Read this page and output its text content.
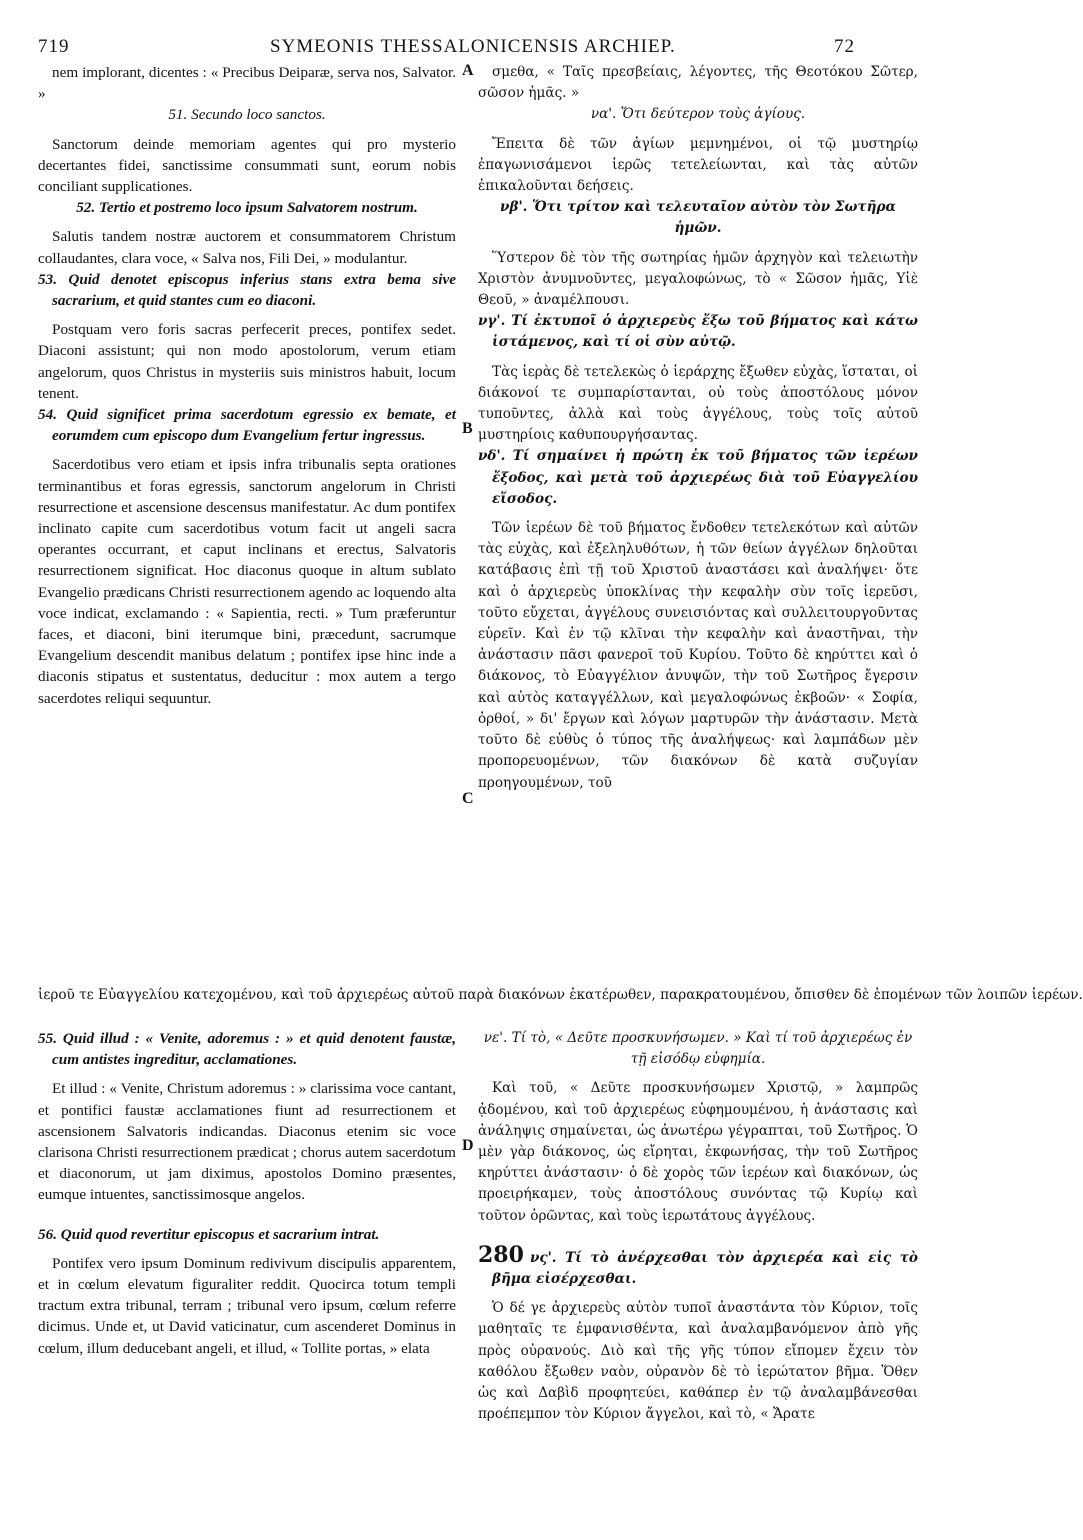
719	SYMEONIS THESSALONICENSIS ARCHIEP.	72
nem implorant, dicentes : « Precibus Deiparæ, serva nos, Salvator. »
51. Secundo loco sanctos.
Sanctorum deinde memoriam agentes qui pro mysterio decertantes fidei, sanctissime consummati sunt, eorum nobis conciliant supplicationes.
52. Tertio et postremo loco ipsum Salvatorem nostrum.
Salutis tandem nostræ auctorem et consummatorem Christum collaudantes, clara voce, « Salva nos, Fili Dei, » modulantur.
53. Quid denotet episcopus inferius stans extra bema sive sacrarium, et quid stantes cum eo diaconi.
Postquam vero foris sacras perfecerit preces, pontifex sedet. Diaconi assistunt; qui non modo apostolorum, verum etiam angelorum, quos Christus in mysteriis suis ministros habuit, locum tenent.
54. Quid significet prima sacerdotum egressio ex bemate, et eorumdem cum episcopo dum Evangelium fertur ingressus.
Sacerdotibus vero etiam et ipsis infra tribunalis septa orationes terminantibus et foras egressis, sanctorum angelorum in Christi resurrectione et ascensione descensus manifestatur. Ac dum pontifex inclinato capite cum sacerdotibus votum facit ut angeli sacra operantes occurrant, et caput inclinans et erectus, Salvatoris resurrectionem significat. Hoc diaconus quoque in altum sublato Evangelio prædicans Christi resurrectionem agendo ac loquendo alta voce indicat, exclamando : « Sapientia, recti. » Tum præferuntur faces, et diaconi, bini iterumque bini, præcedunt, sacrumque Evangelium descendit manibus delatum ; pontifex ipse hinc inde a diaconis stipatus et sustentatus, deducitur : mox autem a tergo sacerdotes reliqui sequuntur.
σμεθα, « Ταῖς πρεσβείαις, λέγοντες, τῆς Θεοτόκου Σῶτερ, σῶσον ἡμᾶς. »
να'. Ὅτι δεύτερον τοὺς ἁγίους.
Ἔπειτα δὲ τῶν ἁγίων μεμνημένοι, οἱ τῷ μυστηρίῳ ἐπαγωνισάμενοι ἱερῶς τετελείωνται, καὶ τὰς αὐτῶν ἐπικαλοῦνται δεήσεις.
νβ'. Ὅτι τρίτον καὶ τελευταῖον αὐτὸν τὸν Σωτῆρα ἡμῶν.
Ὕστερον δὲ τὸν τῆς σωτηρίας ἡμῶν ἀρχηγὸν καὶ τελειωτὴν Χριστὸν ἀνυμνοῦντες, μεγαλοφώνως, τὸ « Σῶσον ἡμᾶς, Υἱὲ Θεοῦ, » ἀναμέλπουσι.
νγ'. Τί ἐκτυποῖ ὁ ἀρχιερεὺς ἔξω τοῦ βήματος καὶ κάτω ἱστάμενος, καὶ τί οἱ σὺν αὐτῷ.
Τὰς ἱερὰς δὲ τετελεκὼς ὁ ἱεράρχης ἔξωθεν εὐχὰς, ἵσταται, οἱ διάκονοί τε συμπαρίστανται, οὐ τοὺς ἀποστόλους μόνον τυποῦντες, ἀλλὰ καὶ τοὺς ἀγγέλους, τοὺς τοῖς αὐτοῦ μυστηρίοις καθυπουργήσαντας.
νδ'. Τί σημαίνει ἡ πρώτη ἐκ τοῦ βήματος τῶν ἱερέων ἔξοδος, καὶ μετὰ τοῦ ἀρχιερέως διὰ τοῦ Εὐαγγελίου εἴσοδος.
Τῶν ἱερέων δὲ τοῦ βήματος ἔνδοθεν τετελεκότων καὶ αὐτῶν τὰς εὐχὰς, καὶ ἐξεληλυθότων, ἡ τῶν θείων ἀγγέλων δηλοῦται κατάβασις ἐπὶ τῇ τοῦ Χριστοῦ ἀναστάσει καὶ ἀναλήψει· ὅτε καὶ ὁ ἀρχιερεὺς ὑποκλίνας τὴν κεφαλὴν σὺν τοῖς ἱερεῦσι, τοῦτο εὔχεται, ἀγγέλους συνεισιόντας καὶ συλλειτουργοῦντας εὑρεῖν. Καὶ ἐν τῷ κλῖναι τὴν κεφαλὴν καὶ ἀναστῆναι, τὴν ἀνάστασιν πᾶσι φανεροῖ τοῦ Κυρίου. Τοῦτο δὲ κηρύττει καὶ ὁ διάκονος, τὸ Εὐαγγέλιον ἀνυψῶν, τὴν τοῦ Σωτῆρος ἔγερσιν καὶ αὐτὸς καταγγέλλων, καὶ μεγαλοφώνως ἐκβοῶν· « Σοφία, ὀρθοί, » δι' ἔργων καὶ λόγων μαρτυρῶν τὴν ἀνάστασιν. Μετὰ τοῦτο δὲ εὐθὺς ὁ τύπος τῆς ἀναλήψεως· καὶ λαμπάδων μὲν προπορευομένων, τῶν διακόνων δὲ κατὰ συζυγίαν προηγουμένων, τοῦ
ἱεροῦ τε Εὐαγγελίου κατεχομένου, καὶ τοῦ ἀρχιερέως αὐτοῦ παρὰ διακόνων ἑκατέρωθεν, παρακρατουμένου, ὄπισθεν δὲ ἑπομένων τῶν λοιπῶν ἱερέων.
55. Quid illud : « Venite, adoremus : » et quid denotent faustæ, cum antistes ingreditur, acclamationes.
Et illud : « Venite, Christum adoremus : » clarissima voce cantant, et pontifici faustæ acclamationes fiunt ad resurrectionem et ascensionem Salvatoris indicandas. Diaconus etenim sic voce clarisona Christi resurrectionem prædicat ; chorus autem sacerdotum et diaconorum, ut jam diximus, apostolos Domino præsentes, eumque intuentes, sanctissimosque angelos.
56. Quid quod revertitur episcopus et sacrarium intrat.
Pontifex vero ipsum Dominum redivivum discipulis apparentem, et in cœlum elevatum figuraliter reddit. Quocirca totum templi tractum extra tribunal, terram ; tribunal vero ipsum, cœlum referre dicimus. Unde et, ut David vaticinatur, cum ascenderet Dominus in cœlum, illum deducebant angeli, et illud, « Tollite portas, » elata
νε'. Τί τὸ, « Δεῦτε προσκυνήσωμεν. » Καὶ τί τοῦ ἀρχιερέως ἐν τῇ εἰσόδῳ εὐφημία.
Καὶ τοῦ, « Δεῦτε προσκυνήσωμεν Χριστῷ, » λαμπρῶς ᾀδομένου, καὶ τοῦ ἀρχιερέως εὐφημουμένου, ἡ ἀνάστασις καὶ ἀνάληψις σημαίνεται, ὡς ἀνωτέρω γέγραπται, τοῦ Σωτῆρος. Ὁ μὲν γὰρ διάκονος, ὡς εἴρηται, ἐκφωνήσας, τὴν τοῦ Σωτῆρος κηρύττει ἀνάστασιν· ὁ δὲ χορὸς τῶν ἱερέων καὶ διακόνων, ὡς προειρήκαμεν, τοὺς ἀποστόλους συνόντας τῷ Κυρίῳ καὶ τοῦτον ὁρῶντας, καὶ τοὺς ἱερωτάτους ἀγγέλους.
280 νς'. Τί τὸ ἀνέρχεσθαι τὸν ἀρχιερέα καὶ εἰς τὸ βῆμα εἰσέρχεσθαι.
Ὁ δέ γε ἀρχιερεὺς αὐτὸν τυποῖ ἀναστάντα τὸν Κύριον, τοῖς μαθηταῖς τε ἐμφανισθέντα, καὶ ἀναλαμβανόμενον ἀπὸ γῆς πρὸς οὐρανούς. Διὸ καὶ τῆς γῆς τύπον εἴπομεν ἔχειν τὸν καθόλου ἔξωθεν ναὸν, οὐρανὸν δὲ τὸ ἱερώτατον βῆμα. Ὅθεν ὡς καὶ Δαβὶδ προφητεύει, καθάπερ ἐν τῷ ἀναλαμβάνεσθαι προέπεμπον τὸν Κύριον ἄγγελοι, καὶ τὸ, « Ἄρατε
A
B
C
D
